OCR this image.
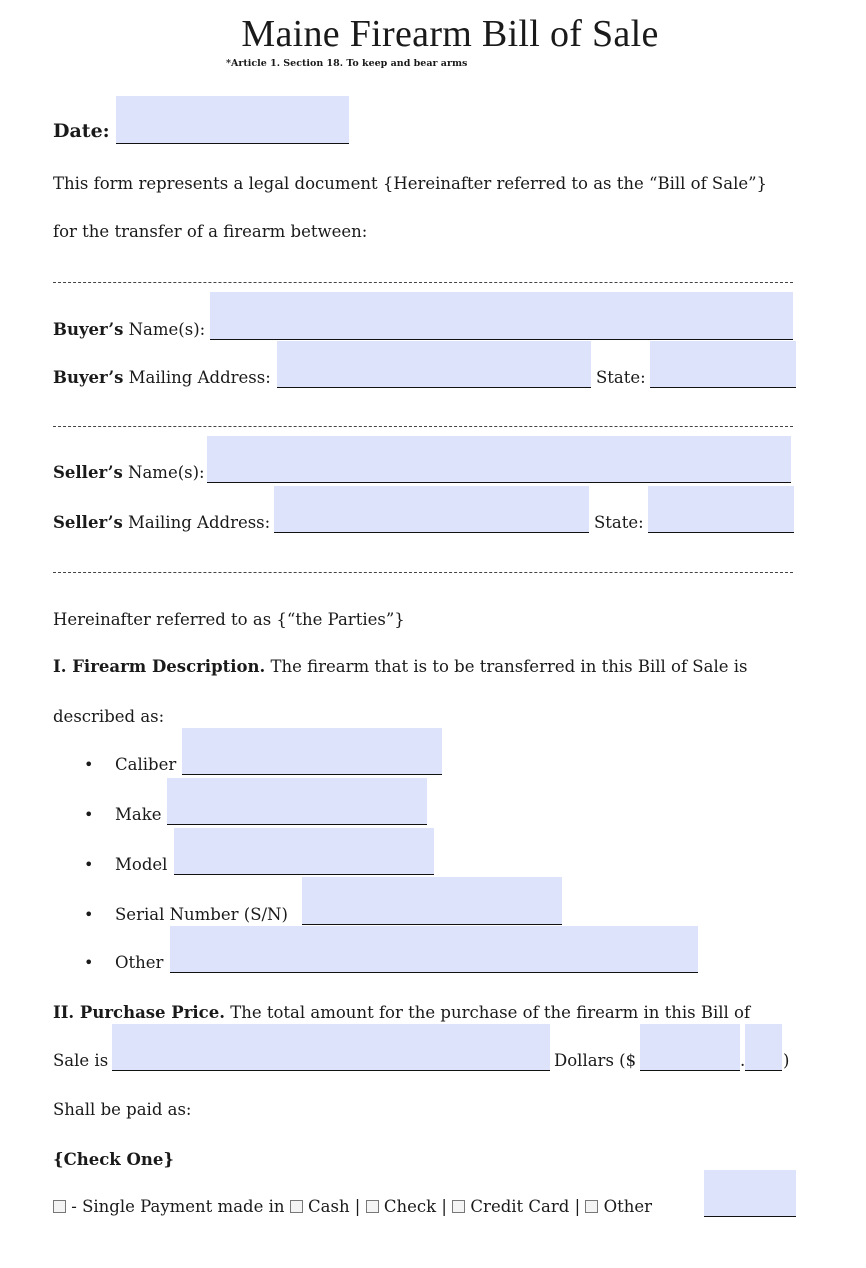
Maine Firearm Bill of Sale
*Article 1. Section 18. To keep and bear arms
Date:
This form represents a legal document {Hereinafter referred to as the “Bill of Sale”}
for the transfer of a firearm between:
Buyer’s Name(s):
Buyer’s Mailing Address:	State:
Seller’s Name(s):
Seller’s Mailing Address:	State:
Hereinafter referred to as {“the Parties”}
I. Firearm Description. The firearm that is to be transferred in this Bill of Sale is
described as:
• Caliber
• Make
• Model
• Serial Number (S/N)
• Other
II. Purchase Price. The total amount for the purchase of the firearm in this Bill of
Sale is	Dollars ($	. )
Shall be paid as:
{Check One}
- Single Payment made in  Cash |  Check |  Credit Card |  Other
